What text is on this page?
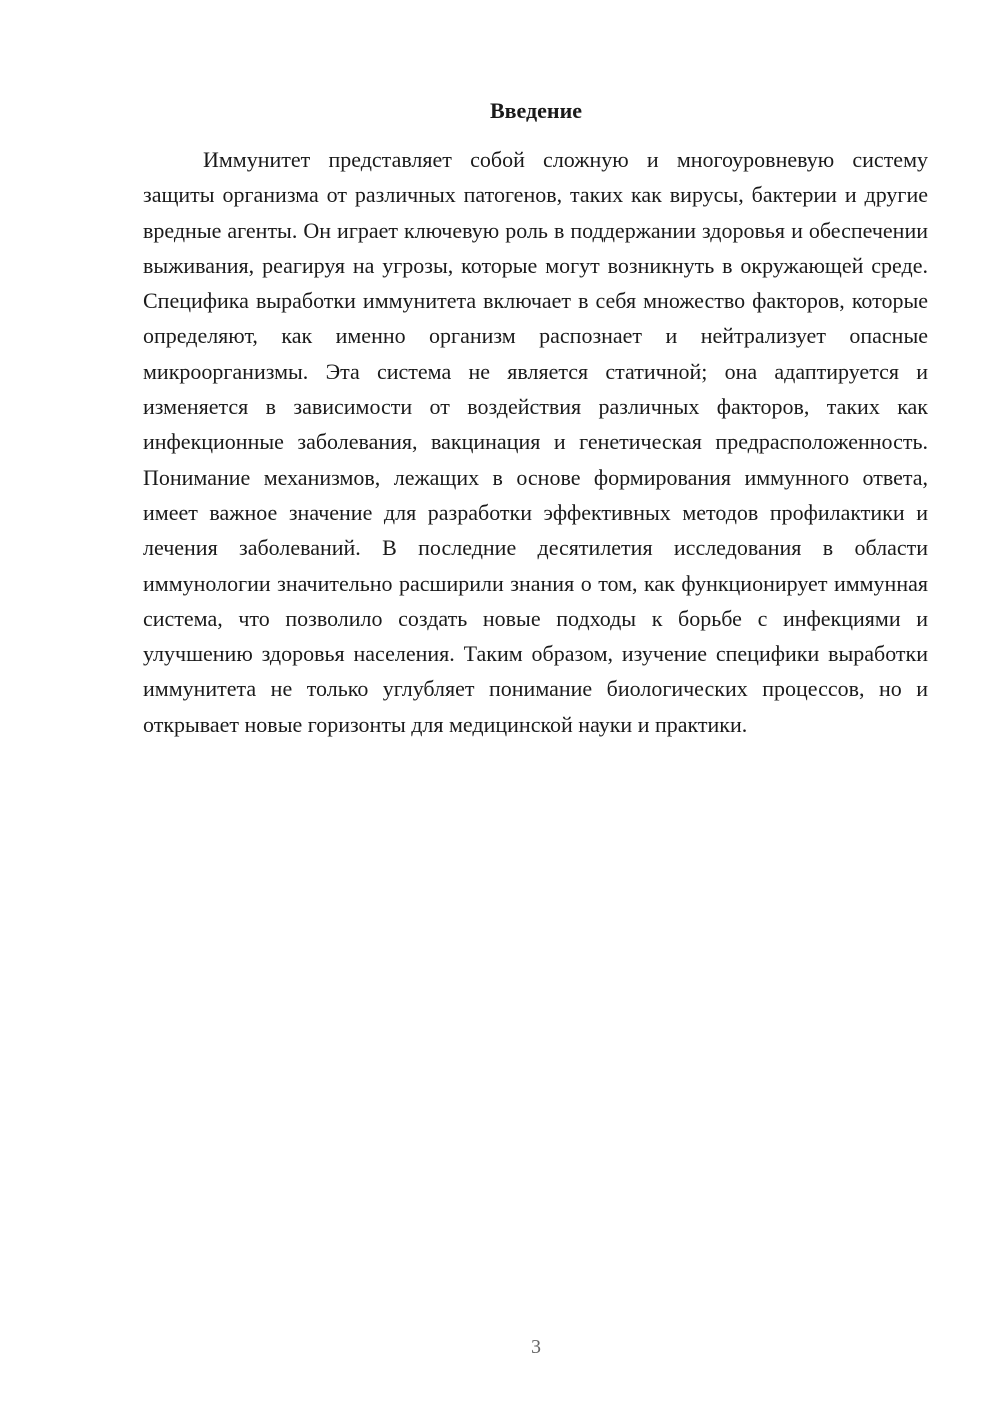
Введение

Иммунитет представляет собой сложную и многоуровневую систему защиты организма от различных патогенов, таких как вирусы, бактерии и другие вредные агенты. Он играет ключевую роль в поддержании здоровья и обеспечении выживания, реагируя на угрозы, которые могут возникнуть в окружающей среде. Специфика выработки иммунитета включает в себя множество факторов, которые определяют, как именно организм распознает и нейтрализует опасные микроорганизмы. Эта система не является статичной; она адаптируется и изменяется в зависимости от воздействия различных факторов, таких как инфекционные заболевания, вакцинация и генетическая предрасположенность. Понимание механизмов, лежащих в основе формирования иммунного ответа, имеет важное значение для разработки эффективных методов профилактики и лечения заболеваний. В последние десятилетия исследования в области иммунологии значительно расширили знания о том, как функционирует иммунная система, что позволило создать новые подходы к борьбе с инфекциями и улучшению здоровья населения. Таким образом, изучение специфики выработки иммунитета не только углубляет понимание биологических процессов, но и открывает новые горизонты для медицинской науки и практики.

3
